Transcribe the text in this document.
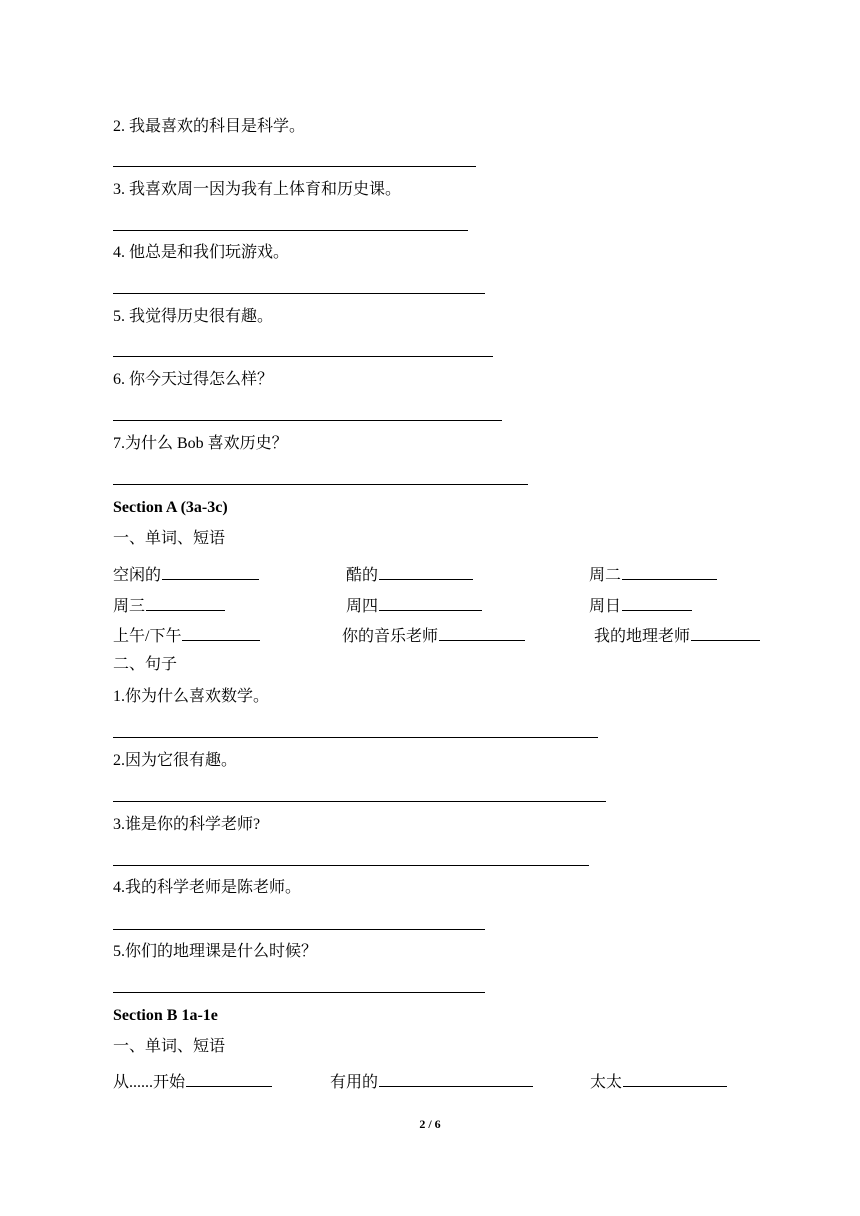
2. 我最喜欢的科目是科学。
3. 我喜欢周一因为我有上体育和历史课。
4. 他总是和我们玩游戏。
5. 我觉得历史很有趣。
6. 你今天过得怎么样？
7.为什么 Bob 喜欢历史？
Section A (3a-3c)
一、单词、短语
空闲的	酷的	周二
周三	周四	周日
上午/下午	你的音乐老师	我的地理老师
二、句子
1.你为什么喜欢数学。
2.因为它很有趣。
3.谁是你的科学老师?
4.我的科学老师是陈老师。
5.你们的地理课是什么时候？
Section B 1a-1e
一、单词、短语
从......开始	有用的	太太
2 / 6
